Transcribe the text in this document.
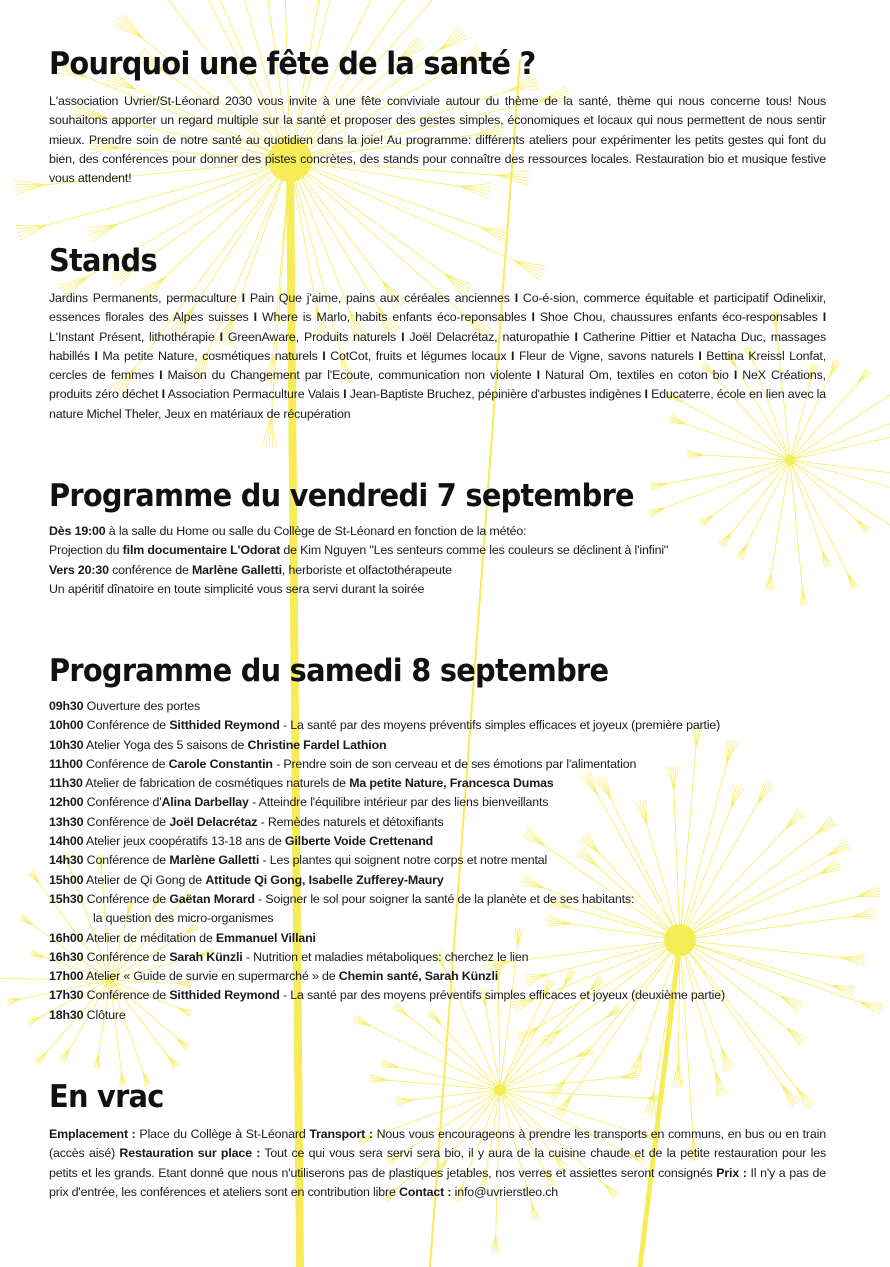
Pourquoi une fête de la santé ?
L'association Uvrier/St-Léonard 2030 vous invite à une fête conviviale autour du thème de la santé, thème qui nous concerne tous! Nous souhaitons apporter un regard multiple sur la santé et proposer des gestes simples, économiques et locaux qui nous permettent de nous sentir mieux. Prendre soin de notre santé au quotidien dans la joie! Au programme: différents ateliers pour expérimenter les petits gestes qui font du bien, des conférences pour donner des pistes concrètes, des stands pour connaître des ressources locales. Restauration bio et musique festive vous attendent!
Stands
Jardins Permanents, permaculture I Pain Que j'aime, pains aux céréales anciennes I Co-é-sion, commerce équitable et participatif Odinelixir, essences florales des Alpes suisses I Where is Marlo, habits enfants éco-reponsables I Shoe Chou, chaussures enfants éco-responsables I L'Instant Présent, lithothérapie I GreenAware, Produits naturels I Joël Delacrétaz, naturopathie I Catherine Pittier et Natacha Duc, massages habillés I Ma petite Nature, cosmétiques naturels I CotCot, fruits et légumes locaux I Fleur de Vigne, savons naturels I Bettina Kreissl Lonfat, cercles de femmes I Maison du Changement par l'Ecoute, communication non violente I Natural Om, textiles en coton bio I NeX Créations, produits zéro déchet I Association Permaculture Valais I Jean-Baptiste Bruchez, pépinière d'arbustes indigènes I Educaterre, école en lien avec la nature Michel Theler, Jeux en matériaux de récupération
Programme du vendredi 7 septembre
Dès 19:00 à la salle du Home ou salle du Collège de St-Léonard en fonction de la météo:
Projection du film documentaire L'Odorat de Kim Nguyen "Les senteurs comme les couleurs se déclinent à l'infini"
Vers 20:30 conférence de Marlène Galletti, herboriste et olfactothérapeute
Un apéritif dînatoire en toute simplicité vous sera servi durant la soirée
Programme du samedi 8 septembre
09h30 Ouverture des portes
10h00 Conférence de Sitthided Reymond - La santé par des moyens préventifs simples efficaces et joyeux (première partie)
10h30 Atelier Yoga des 5 saisons de Christine Fardel Lathion
11h00 Conférence de Carole Constantin - Prendre soin de son cerveau et de ses émotions par l'alimentation
11h30 Atelier de fabrication de cosmétiques naturels de Ma petite Nature, Francesca Dumas
12h00 Conférence d'Alina Darbellay - Atteindre l'équilibre intérieur par des liens bienveillants
13h30 Conférence de Joël Delacrétaz - Remèdes naturels et détoxifiants
14h00 Atelier jeux coopératifs 13-18 ans de Gilberte Voide Crettenand
14h30 Conférence de Marlène Galletti - Les plantes qui soignent notre corps et notre mental
15h00 Atelier de Qi Gong de Attitude Qi Gong, Isabelle Zufferey-Maury
15h30 Conférence de Gaëtan Morard - Soigner le sol pour soigner la santé de la planète et de ses habitants:
la question des micro-organismes
16h00 Atelier de méditation de Emmanuel Villani
16h30 Conférence de Sarah Künzli - Nutrition et maladies métaboliques: cherchez le lien
17h00 Atelier « Guide de survie en supermarché » de Chemin santé, Sarah Künzli
17h30 Conférence de Sitthided Reymond - La santé par des moyens préventifs simples efficaces et joyeux (deuxième partie)
18h30 Clôture
En vrac
Emplacement : Place du Collège à St-Léonard Transport : Nous vous encourageons à prendre les transports en communs, en bus ou en train (accès aisé) Restauration sur place : Tout ce qui vous sera servi sera bio, il y aura de la cuisine chaude et de la petite restauration pour les petits et les grands. Etant donné que nous n'utiliserons pas de plastiques jetables, nos verres et assiettes seront consignés Prix : Il n'y a pas de prix d'entrée, les conférences et ateliers sont en contribution libre Contact : info@uvrierstleo.ch
